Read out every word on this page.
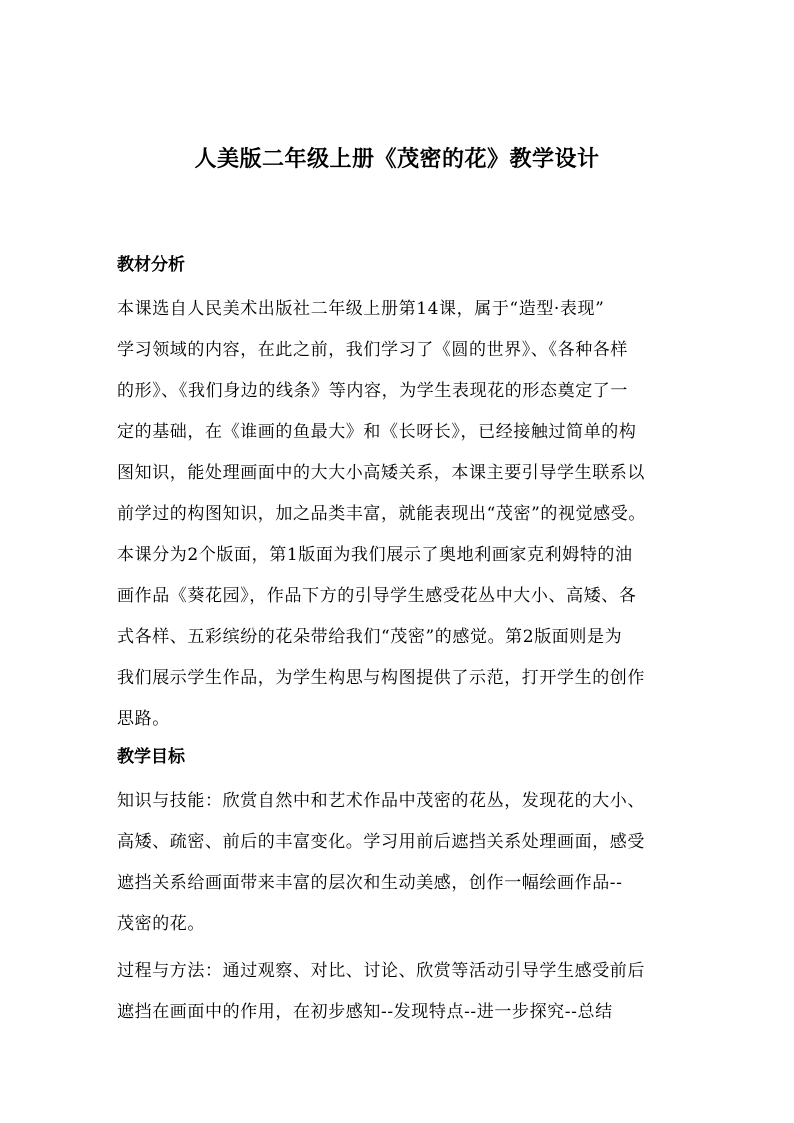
人美版二年级上册《茂密的花》教学设计
教材分析
本课选自人民美术出版社二年级上册第14课，属于“造型·表现”
学习领域的内容，在此之前，我们学习了《圆的世界》、《各种各样
的形》、《我们身边的线条》等内容，为学生表现花的形态奠定了一
定的基础，在《谁画的鱼最大》和《长呀长》，已经接触过简单的构
图知识，能处理画面中的大大小高矮关系，本课主要引导学生联系以
前学过的构图知识，加之品类丰富，就能表现出“茂密”的视觉感受。
本课分为2个版面，第1版面为我们展示了奥地利画家克利姆特的油
画作品《葵花园》，作品下方的引导学生感受花丛中大小、高矮、各
式各样、五彩缤纷的花朵带给我们“茂密”的感觉。第2版面则是为
我们展示学生作品，为学生构思与构图提供了示范，打开学生的创作
思路。
教学目标
知识与技能：欣赏自然中和艺术作品中茂密的花丛，发现花的大小、
高矮、疏密、前后的丰富变化。学习用前后遮挡关系处理画面，感受
遮挡关系给画面带来丰富的层次和生动美感，创作一幅绘画作品--
茂密的花。
过程与方法：通过观察、对比、讨论、欣赏等活动引导学生感受前后
遮挡在画面中的作用，在初步感知--发现特点--进一步探究--总结
